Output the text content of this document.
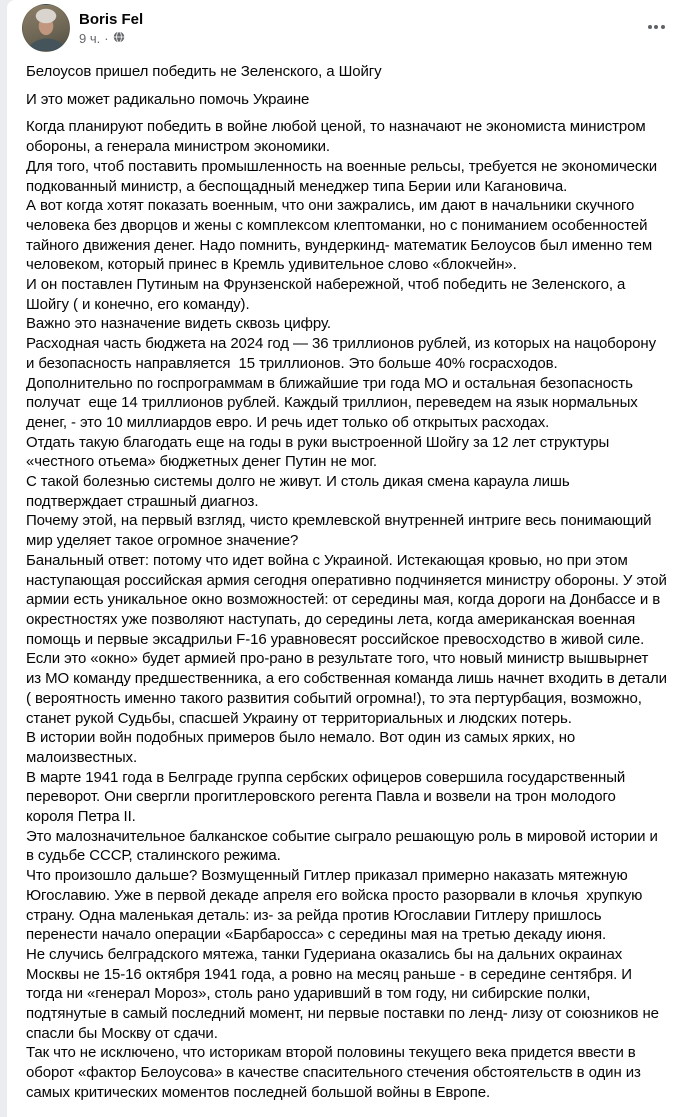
Boris Fel
9 ч. ·

Белоусов пришел победить не Зеленского, а Шойгу

И это может радикально помочь Украине

Когда планируют победить в войне любой ценой, то назначают не экономиста министром обороны, а генерала министром экономики.

Для того, чтоб поставить промышленность на военные рельсы, требуется не экономически подкованный министр, а беспощадный менеджер типа Берии или Кагановича.

А вот когда хотят показать военным, что они зажрались, им дают в начальники скучного человека без дворцов и жены с комплексом клептоманки, но с пониманием особенностей тайного движения денег. Надо помнить, вундеркинд- математик Белоусов был именно тем человеком, который принес в Кремль удивительное слово «блокчейн».

И он поставлен Путиным на Фрунзенской набережной, чтоб победить не Зеленского, а Шойгу ( и конечно, его команду).

Важно это назначение видеть сквозь цифру.

Расходная часть бюджета на 2024 год — 36 триллионов рублей, из которых на нацоборону и безопасность направляется  15 триллионов. Это больше 40% госрасходов. Дополнительно по госпрограммам в ближайшие три года МО и остальная безопасность получат  еще 14 триллионов рублей. Каждый триллион, переведем на язык нормальных денег, - это 10 миллиардов евро. И речь идет только об открытых расходах.

Отдать такую благодать еще на годы в руки выстроенной Шойгу за 12 лет структуры «честного отьема» бюджетных денег Путин не мог.

С такой болезнью системы долго не живут. И столь дикая смена караула лишь подтверждает страшный диагноз.

Почему этой, на первый взгляд, чисто кремлевской внутренней интриге весь понимающий мир уделяет такое огромное значение?

Банальный ответ: потому что идет война с Украиной. Истекающая кровью, но при этом наступающая российская армия сегодня оперативно подчиняется министру обороны. У этой армии есть уникальное окно возможностей: от середины мая, когда дороги на Донбассе и в окрестностях уже позволяют наступать, до середины лета, когда американская военная помощь и первые эксадрильи F-16 уравновесят российское превосходство в живой силе.

Если это «окно» будет армией про-рано в результате того, что новый министр вышвырнет из МО команду предшественника, а его собственная команда лишь начнет входить в детали ( вероятность именно такого развития событий огромна!), то эта пертурбация, возможно, станет рукой Судьбы, спасшей Украину от территориальных и людских потерь.

В истории войн подобных примеров было немало. Вот один из самых ярких, но малоизвестных.

В марте 1941 года в Белграде группа сербских офицеров совершила государственный переворот. Они свергли прогитлеровского регента Павла и возвели на трон молодого короля Петра II.

Это малозначительное балканское событие сыграло решающую роль в мировой истории и в судьбе СССР, сталинского режима.

Что произошло дальше? Возмущенный Гитлер приказал примерно наказать мятежную Югославию. Уже в первой декаде апреля его войска просто разорвали в клочья  хрупкую страну. Одна маленькая деталь: из- за рейда против Югославии Гитлеру пришлось перенести начало операции «Барбаросса» с середины мая на третью декаду июня.

Не случись белградского мятежа, танки Гудериана оказались бы на дальних окраинах Москвы не 15-16 октября 1941 года, а ровно на месяц раньше - в середине сентября. И тогда ни «генерал Мороз», столь рано ударивший в том году, ни сибирские полки, подтянутые в самый последний момент, ни первые поставки по ленд- лизу от союзников не спасли бы Москву от сдачи.

Так что не исключено, что историкам второй половины текущего века придется ввести в оборот «фактор Белоусова» в качестве спасительного стечения обстоятельств в один из самых критических моментов последней большой войны в Европе.
